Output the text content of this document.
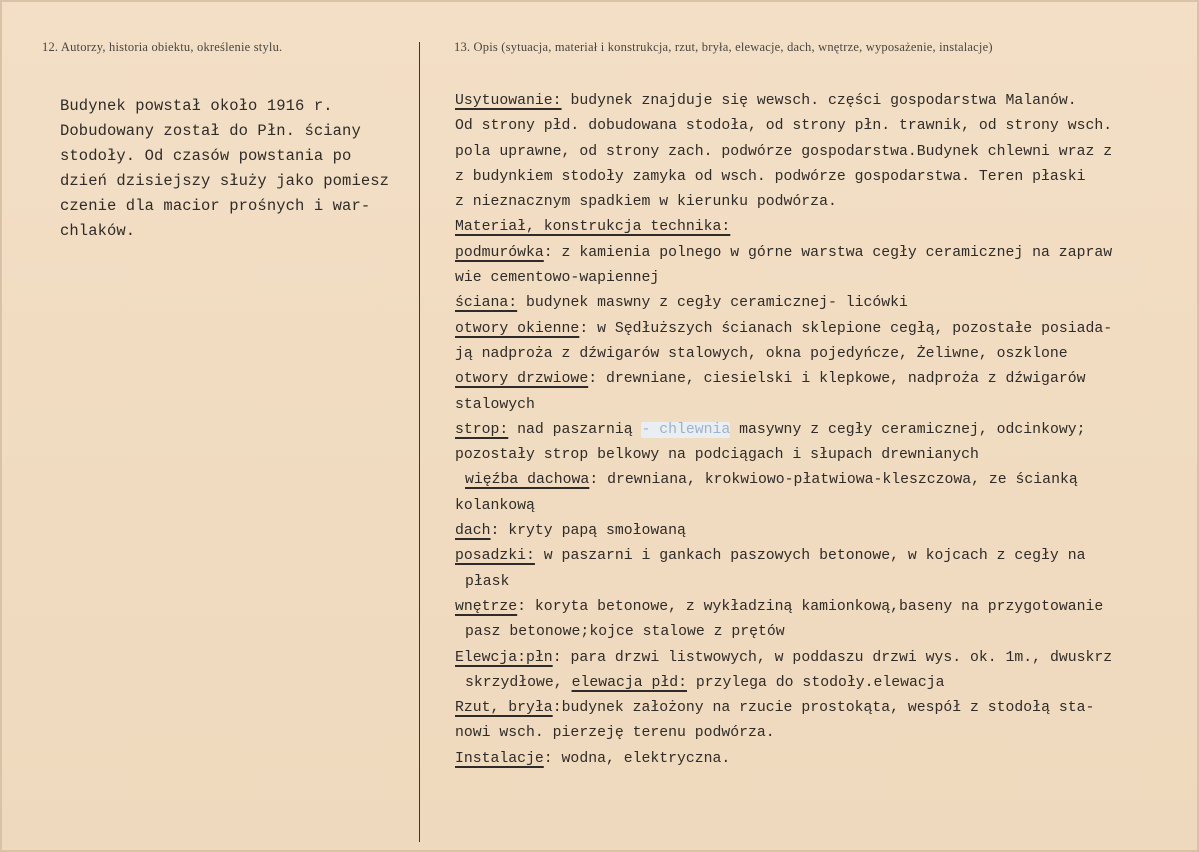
12. Autorzy, historia obiektu, określenie stylu.	13. Opis (sytuacja, materiał i konstrukcja, rzut, bryła, elewacje, dach, wnętrze, wyposażenie, instalacje)
Budynek powstał około 1916 r.
Dobudowany został do Płn. ściany
stodoły. Od czasów powstania po
dzień dzisiejszy służy jako pomiesz
czenie dla macior prośnych i war-
chlaków.
Usytuowanie: budynek znajduje się wewsch. części gospodarstwa Malanów.
Od strony płd. dobudowana stodoła, od strony płn. trawnik, od strony wsch.
pola uprawne, od strony zach. podwórze gospodarstwa.Budynek chlewni wraz z
z budynkiem stodoły zamyka od wsch. podwórze gospodarstwa. Teren płaski
z nieznacznym spadkiem w kierunku podwórza.
Materiał, konstrukcja technika:
podmurówka: z kamienia polnego w górne warstwa cegły ceramicznej na zapraw
wie cementowo-wapiennej
ściana: budynek maswny z cegły ceramicznej- licówki
otwory okienne: w Sędłuższych ścianach sklepione cegłą, pozostałe posiada-
ją nadproża z dźwigarów stalowych, okna pojedyńcze, Żeliwne, oszklone
otwory drzwiowe: drewniane, ciesielski i klepkowe, nadproża z dźwigarów
stalowych
strop: nad paszarnią - chlewnia masywny z cegły ceramicznej, odcinkowy;
pozostały strop belkowy na podciągach i słupach drewnianych
więźba dachowa: drewniana, krokwiowo-płatwiowa-kleszczowa, ze ścianką
kolankową
dach: kryty papą smołowaną
posadzki: w paszarni i gankach paszowych betonowe, w kojcach z cegły na
płask
wnętrze: koryta betonowe, z wykładziną kamionkową,baseny na przygotowanie
pasz betonowe;kojce stalowe z prętów
Elewcja:płn: para drzwi listwowych, w poddaszu drzwi wys. ok. 1m., dwuskrz
skrzydłowe, elewacja płd: przylega do stodoły.elewacja
Rzut, bryła:budynek założony na rzucie prostokąta, wespół z stodołą sta-
nowi wsch. pierzeję terenu podwórza.
Instalacje: wodna, elektryczna.
